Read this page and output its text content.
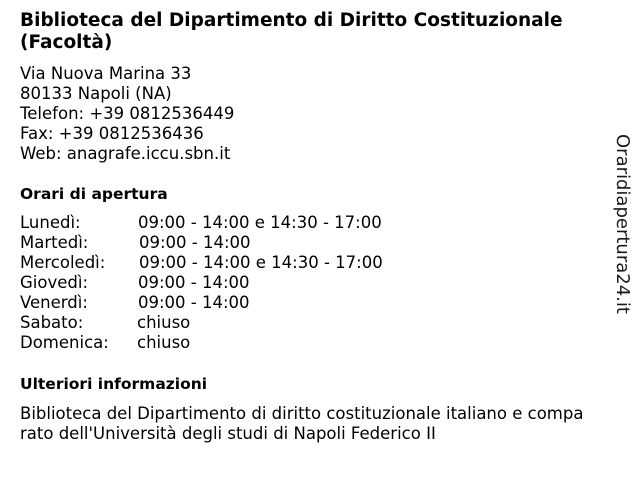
Biblioteca del Dipartimento di Diritto Costituzionale (Facoltà)
Via Nuova Marina 33
80133 Napoli (NA)
Telefon: +39 0812536449
Fax: +39 0812536436
Web: anagrafe.iccu.sbn.it
Orari di apertura
Lunedì:	09:00 - 14:00 e 14:30 - 17:00
Martedì:	09:00 - 14:00
Mercoledì: 09:00 - 14:00 e 14:30 - 17:00
Giovedì:	09:00 - 14:00
Venerdì:	09:00 - 14:00
Sabato:	chiuso
Domenica: chiuso
Ulteriori informazioni
Biblioteca del Dipartimento di diritto costituzionale italiano e compa
rato dell'Università degli studi di Napoli Federico II
Oraridiapertura24.it
